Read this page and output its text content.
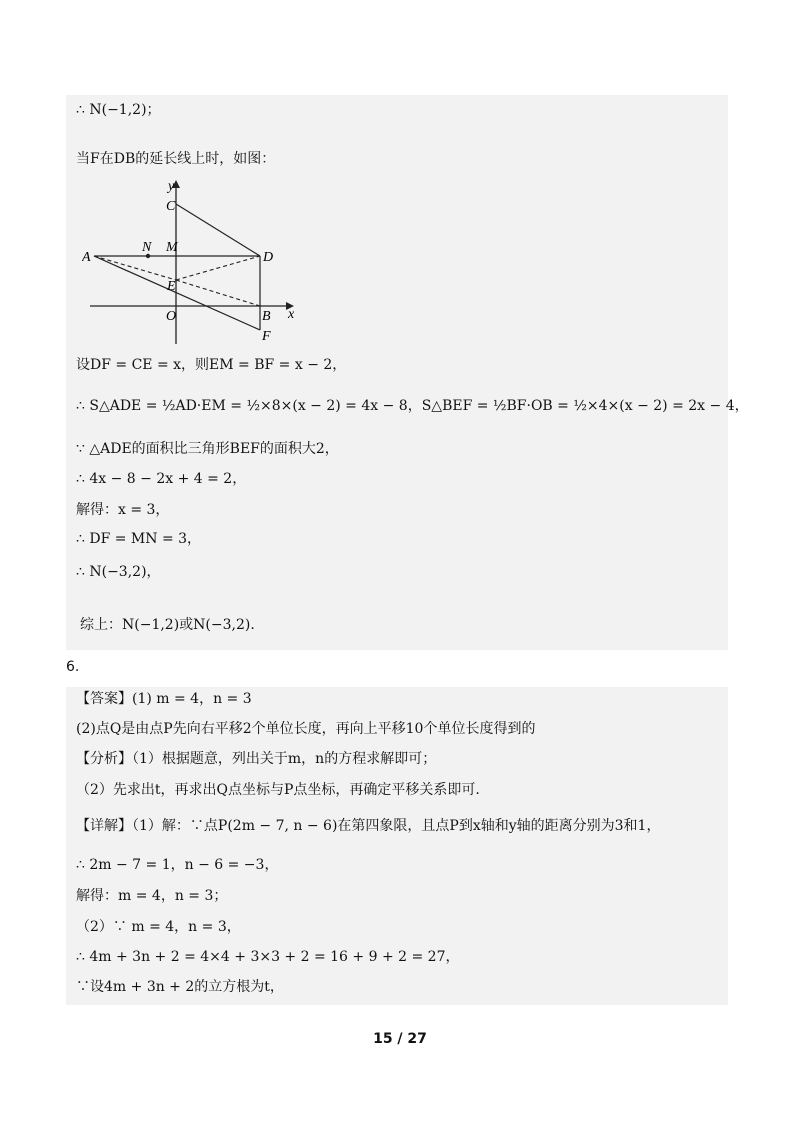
∴ N(−1,2)；
当F在DB的延长线上时，如图：
y
x
C
A
N M
D
E
O	B
F
设DF = CE = x，则EM = BF = x − 2，
∴ S△ADE = ½AD·EM = ½×8×(x − 2) = 4x − 8，S△BEF = ½BF·OB = ½×4×(x − 2) = 2x − 4，
∵ △ADE的面积比三角形BEF的面积大2，
∴ 4x − 8 − 2x + 4 = 2，
解得：x = 3，
∴ DF = MN = 3，
∴ N(−3,2)，
综上：N(−1,2)或N(−3,2).
6.
【答案】(1) m = 4，n = 3
(2)点Q是由点P先向右平移2个单位长度，再向上平移10个单位长度得到的
【分析】（1）根据题意，列出关于m，n的方程求解即可；
（2）先求出t，再求出Q点坐标与P点坐标，再确定平移关系即可.
【详解】（1）解：∵点P(2m − 7, n − 6)在第四象限，且点P到x轴和y轴的距离分别为3和1，
∴ 2m − 7 = 1，n − 6 = −3，
解得：m = 4，n = 3；
（2）∵ m = 4，n = 3，
∴ 4m + 3n + 2 = 4×4 + 3×3 + 2 = 16 + 9 + 2 = 27，
∵设4m + 3n + 2的立方根为t，
15 / 27
